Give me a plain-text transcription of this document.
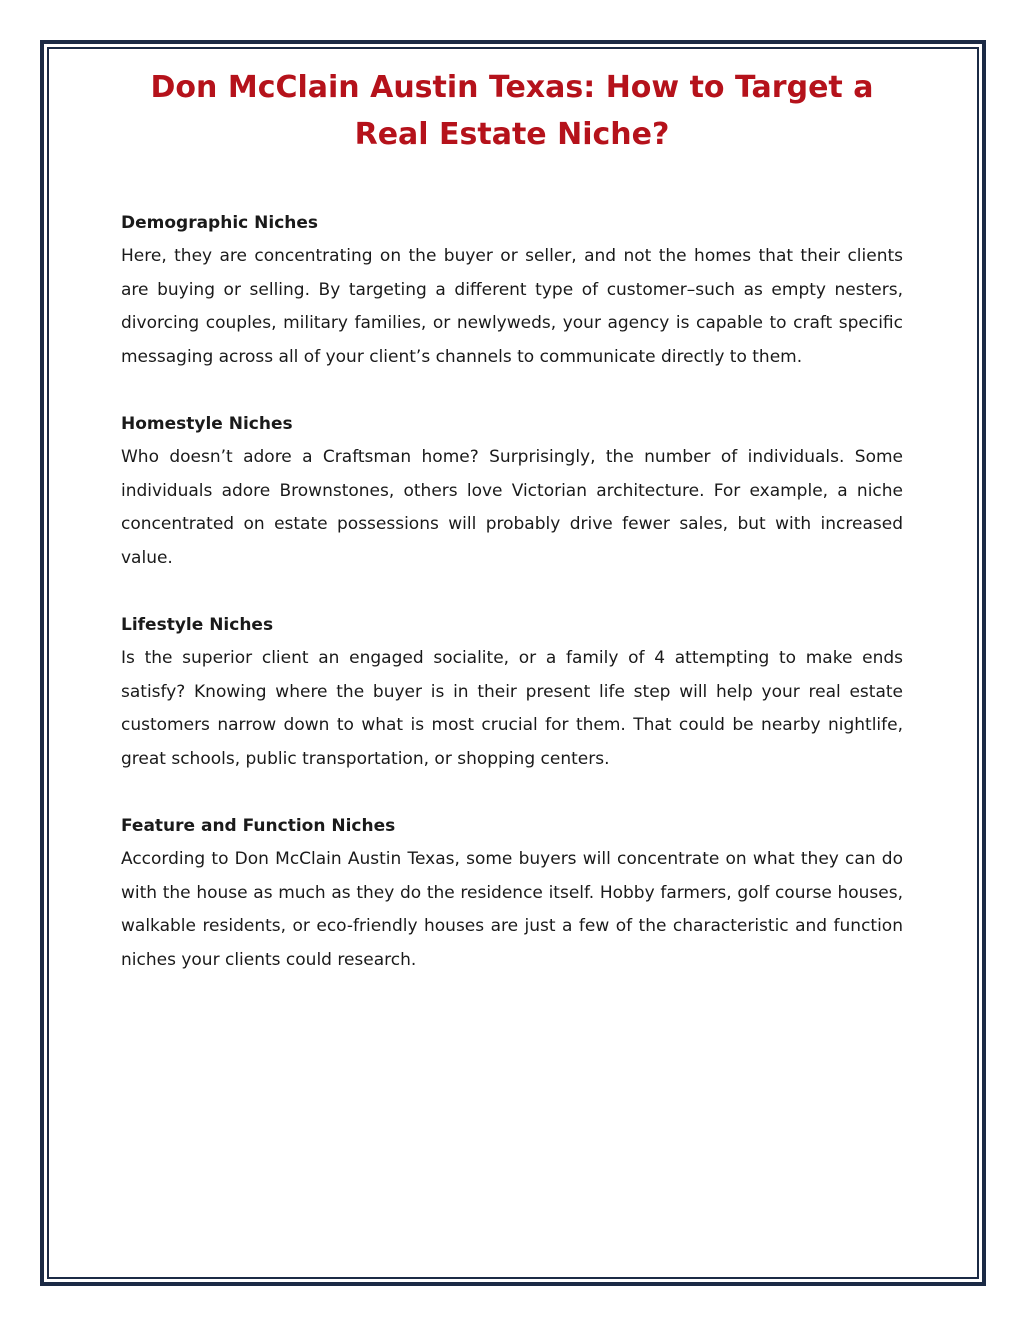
Don McClain Austin Texas: How to Target a Real Estate Niche?

Demographic Niches

Here, they are concentrating on the buyer or seller, and not the homes that their clients are buying or selling. By targeting a different type of customer–such as empty nesters, divorcing couples, military families, or newlyweds, your agency is capable to craft specific messaging across all of your client’s channels to communicate directly to them.

Homestyle Niches

Who doesn’t adore a Craftsman home? Surprisingly, the number of individuals. Some individuals adore Brownstones, others love Victorian architecture. For example, a niche concentrated on estate possessions will probably drive fewer sales, but with increased value.

Lifestyle Niches

Is the superior client an engaged socialite, or a family of 4 attempting to make ends satisfy? Knowing where the buyer is in their present life step will help your real estate customers narrow down to what is most crucial for them. That could be nearby nightlife, great schools, public transportation, or shopping centers.

Feature and Function Niches

According to Don McClain Austin Texas, some buyers will concentrate on what they can do with the house as much as they do the residence itself. Hobby farmers, golf course houses, walkable residents, or eco-friendly houses are just a few of the characteristic and function niches your clients could research.
